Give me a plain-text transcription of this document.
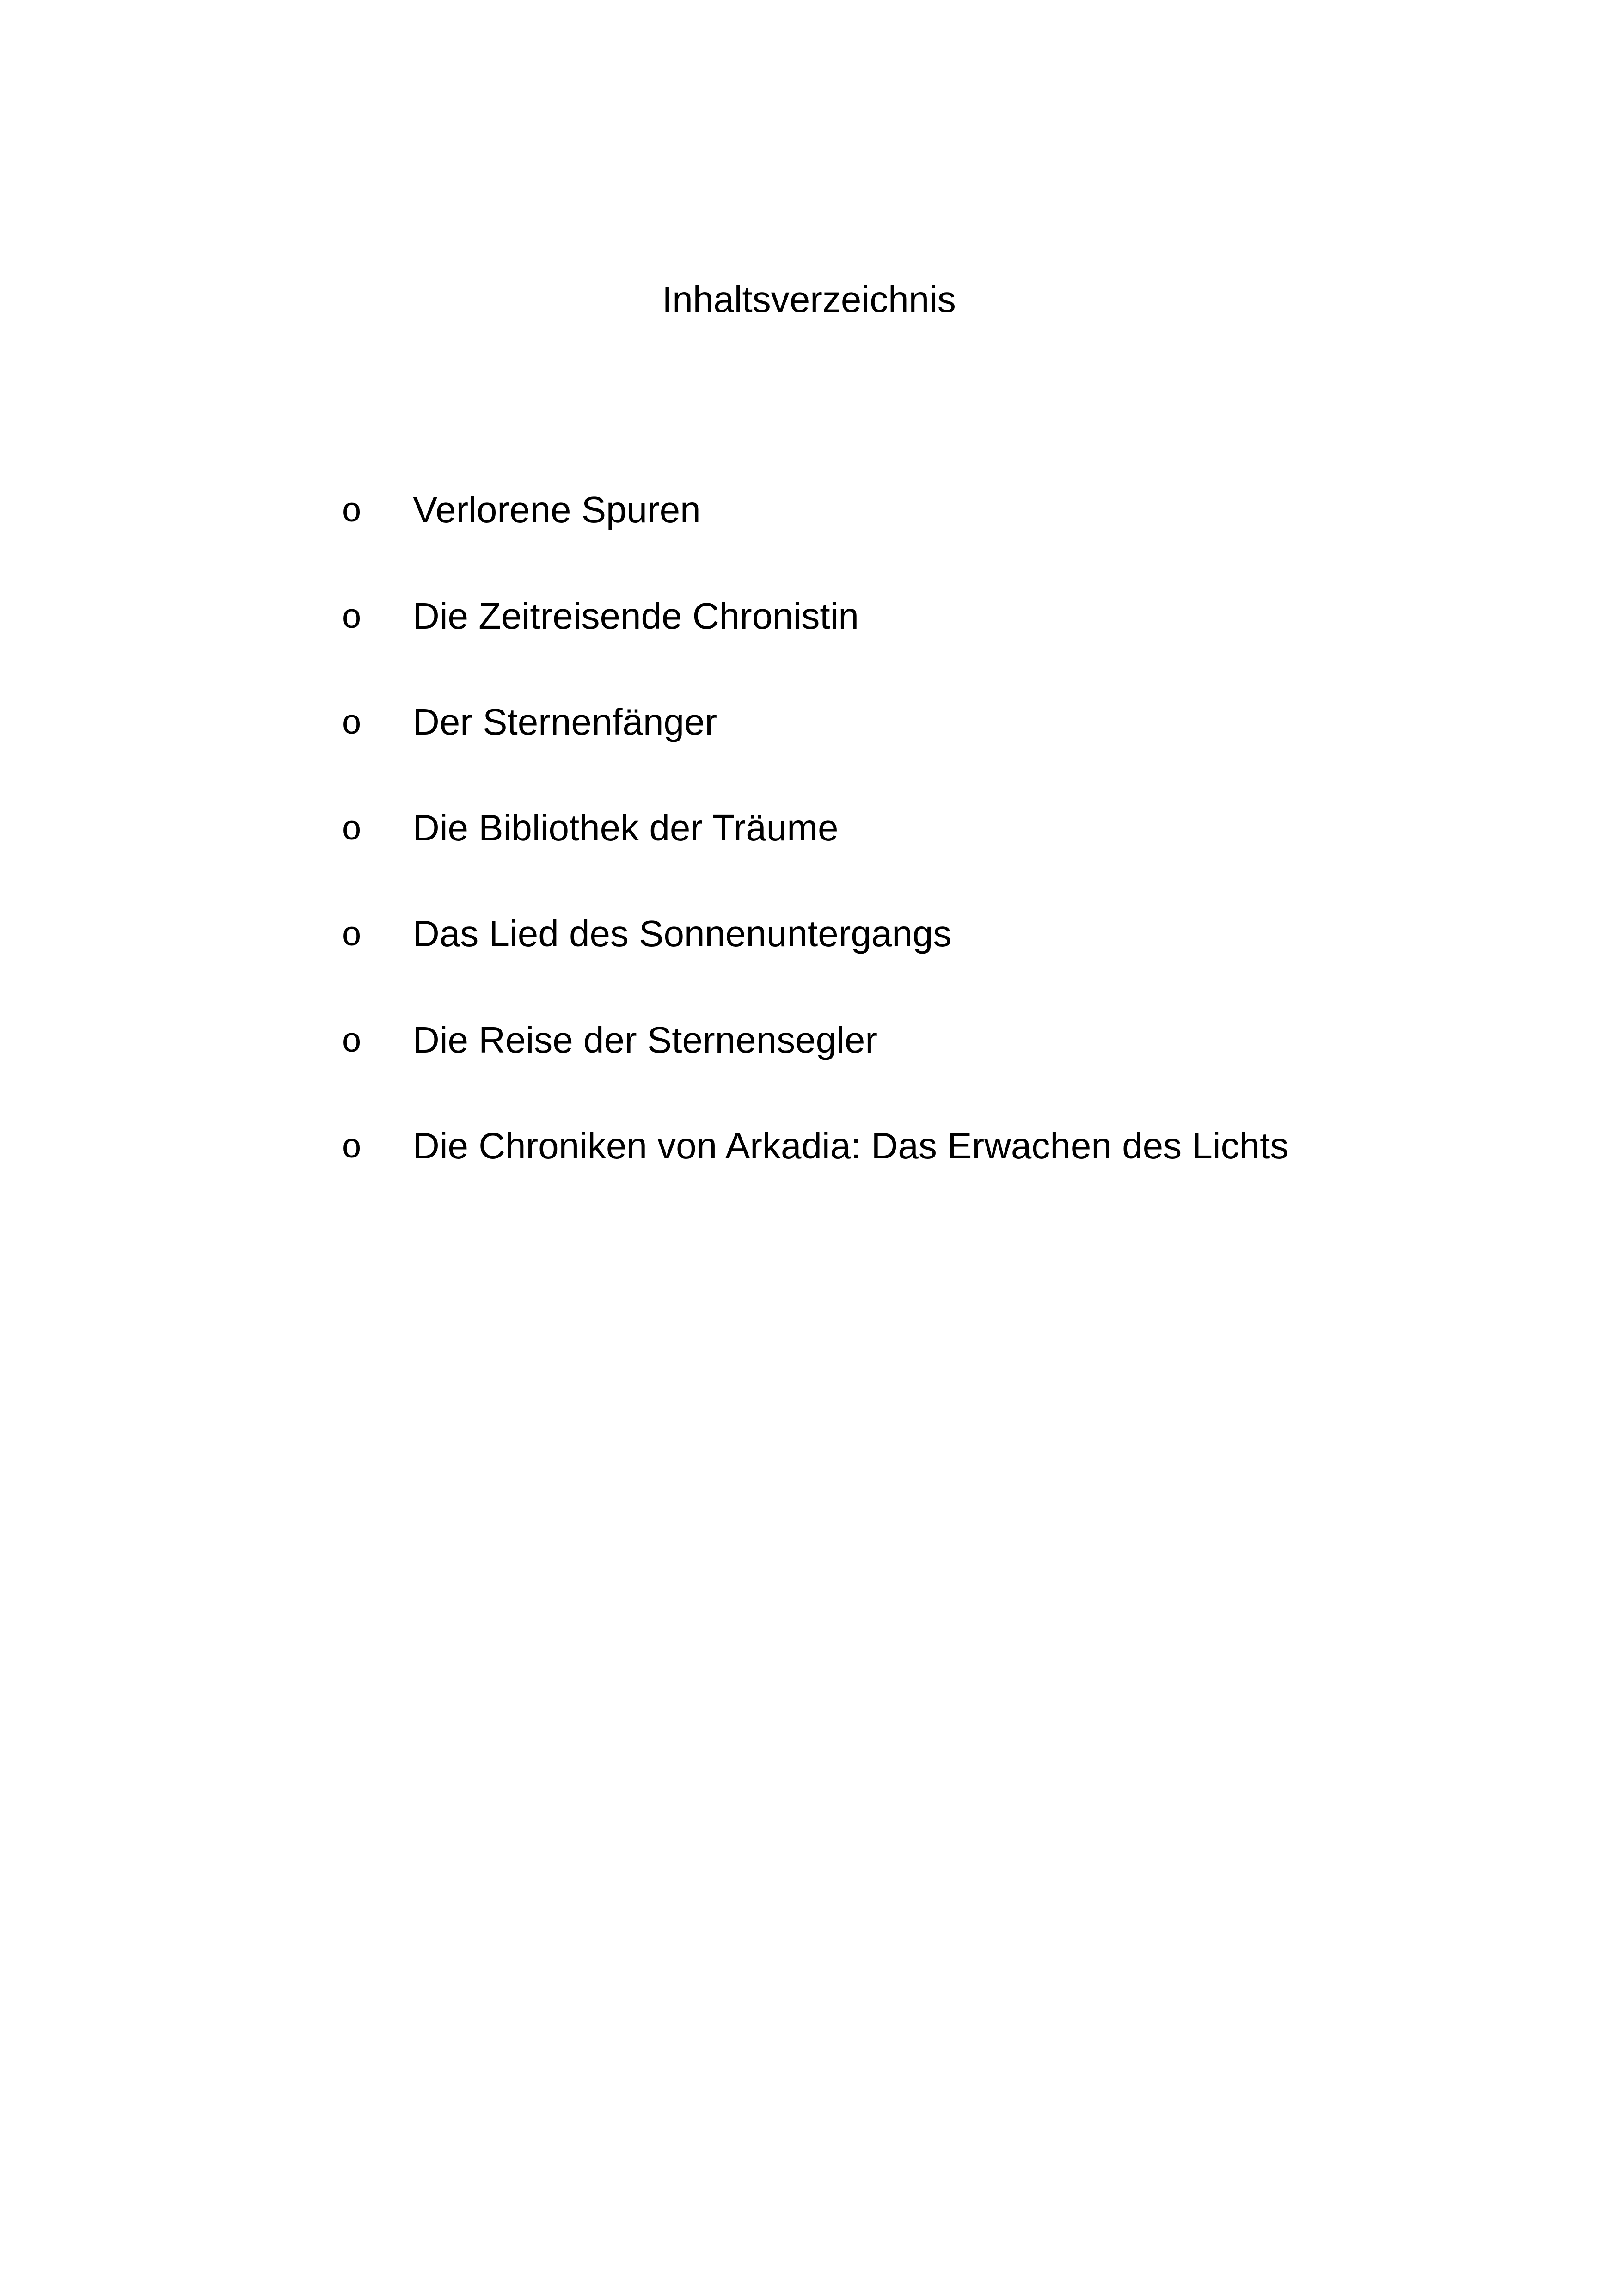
Inhaltsverzeichnis
o Verlorene Spuren
o Die Zeitreisende Chronistin
o Der Sternenfänger
o Die Bibliothek der Träume
o Das Lied des Sonnenuntergangs
o Die Reise der Sternensegler
o Die Chroniken von Arkadia: Das Erwachen des Lichts
